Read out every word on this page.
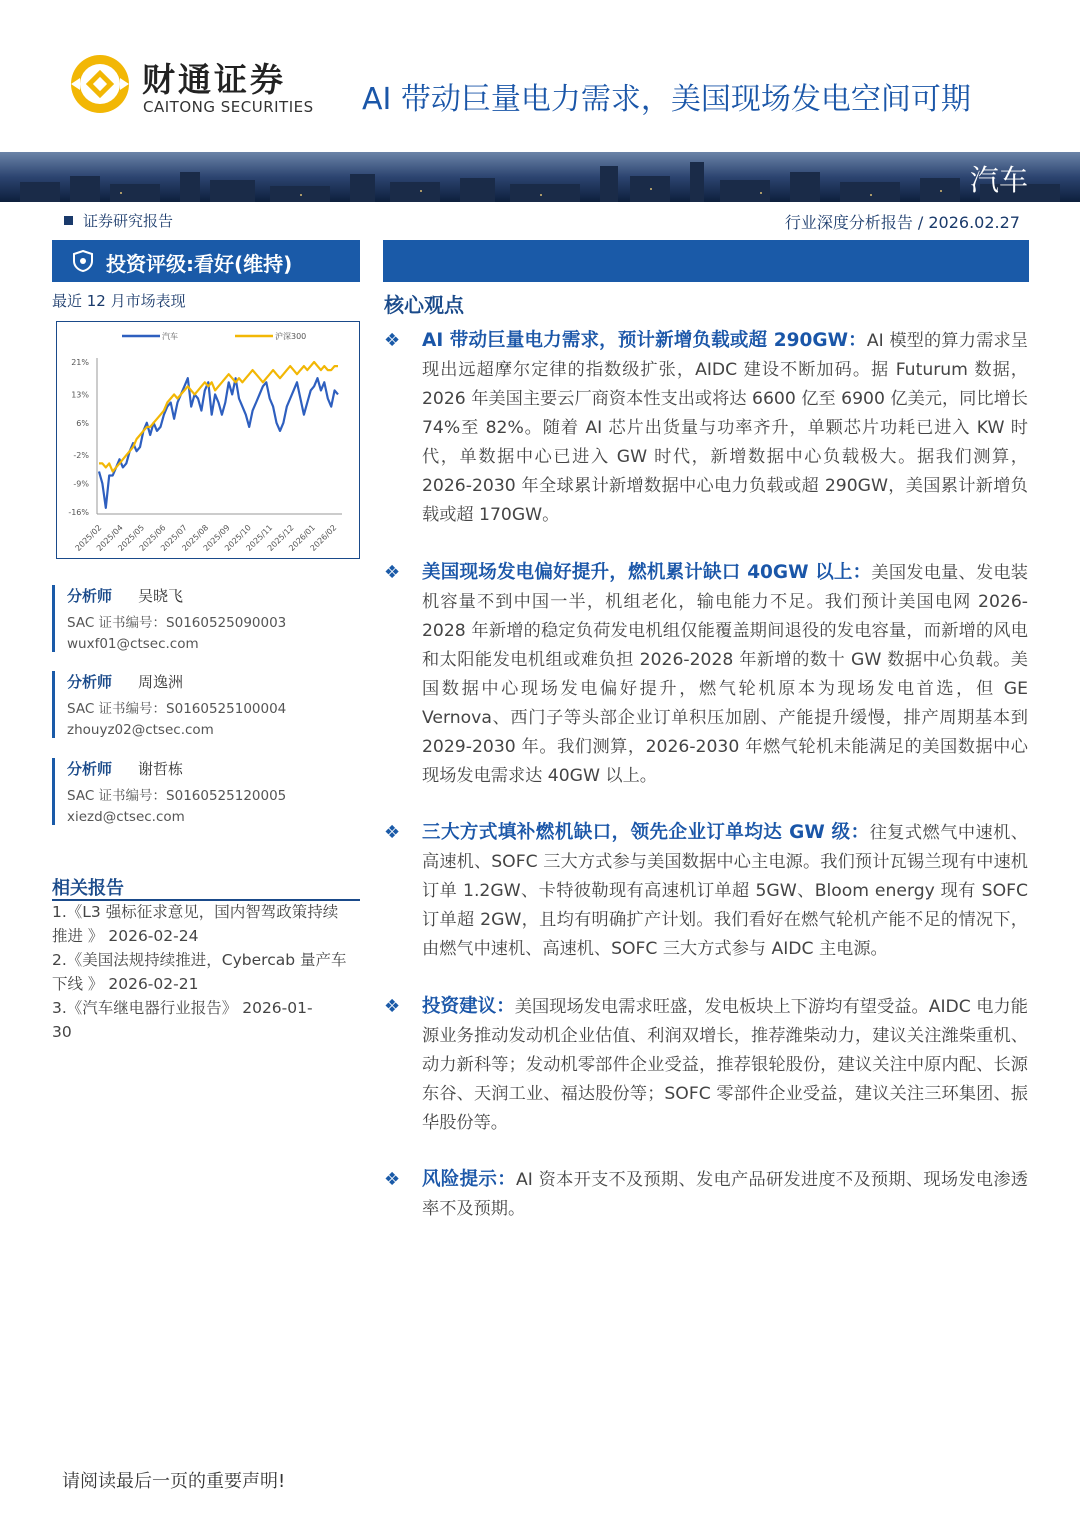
财通证券
CAITONG SECURITIES AI 带动巨量电力需求，美国现场发电空间可期
汽车
证券研究报告	行业深度分析报告 / 2026.02.27
投资评级:看好(维持)
最近 12 月市场表现
21%
13%
6%
-2%
-9%
-16%
2025/02
2025/04
2025/05
2025/06
2025/07
2025/08
2025/09
2025/10
2025/11
2025/12
2026/01
2026/02
汽车	沪深300
分析师 吴晓飞
SAC 证书编号：S0160525090003
wuxf01@ctsec.com
分析师 周逸洲
SAC 证书编号：S0160525100004
zhouyz02@ctsec.com
分析师 谢哲栋
SAC 证书编号：S0160525120005
xiezd@ctsec.com
相关报告
1.《L3 强标征求意见，国内智驾政策持续
推进 》 2026-02-24
2.《美国法规持续推进，Cybercab 量产车
下线 》 2026-02-21
3.《汽车继电器行业报告》 2026-01-
30
核心观点
❖	AI 带动巨量电力需求，预计新增负载或超 290GW：AI 模型的算力需求呈现出远超摩尔定律的指数级扩张，AIDC 建设不断加码。据 Futurum 数据，2026 年美国主要云厂商资本性支出或将达 6600 亿至 6900 亿美元，同比增长 74%至 82%。随着 AI 芯片出货量与功率齐升，单颗芯片功耗已进入 KW 时代，单数据中心已进入 GW 时代，新增数据中心负载极大。据我们测算，2026-2030 年全球累计新增数据中心电力负载或超 290GW，美国累计新增负载或超 170GW。
❖	美国现场发电偏好提升，燃机累计缺口 40GW 以上：美国发电量、发电装机容量不到中国一半，机组老化，输电能力不足。我们预计美国电网 2026-2028 年新增的稳定负荷发电机组仅能覆盖期间退役的发电容量，而新增的风电和太阳能发电机组或难负担 2026-2028 年新增的数十 GW 数据中心负载。美国数据中心现场发电偏好提升，燃气轮机原本为现场发电首选，但 GE Vernova、西门子等头部企业订单积压加剧、产能提升缓慢，排产周期基本到 2029-2030 年。我们测算，2026-2030 年燃气轮机未能满足的美国数据中心现场发电需求达 40GW 以上。
❖	三大方式填补燃机缺口，领先企业订单均达 GW 级：往复式燃气中速机、高速机、SOFC 三大方式参与美国数据中心主电源。我们预计瓦锡兰现有中速机订单 1.2GW、卡特彼勒现有高速机订单超 5GW、Bloom energy 现有 SOFC 订单超 2GW，且均有明确扩产计划。我们看好在燃气轮机产能不足的情况下，由燃气中速机、高速机、SOFC 三大方式参与 AIDC 主电源。
❖	投资建议：美国现场发电需求旺盛，发电板块上下游均有望受益。AIDC 电力能源业务推动发动机企业估值、利润双增长，推荐潍柴动力，建议关注潍柴重机、动力新科等；发动机零部件企业受益，推荐银轮股份，建议关注中原内配、长源东谷、天润工业、福达股份等；SOFC 零部件企业受益，建议关注三环集团、振华股份等。
❖	风险提示：AI 资本开支不及预期、发电产品研发进度不及预期、现场发电渗透率不及预期。
请阅读最后一页的重要声明!
